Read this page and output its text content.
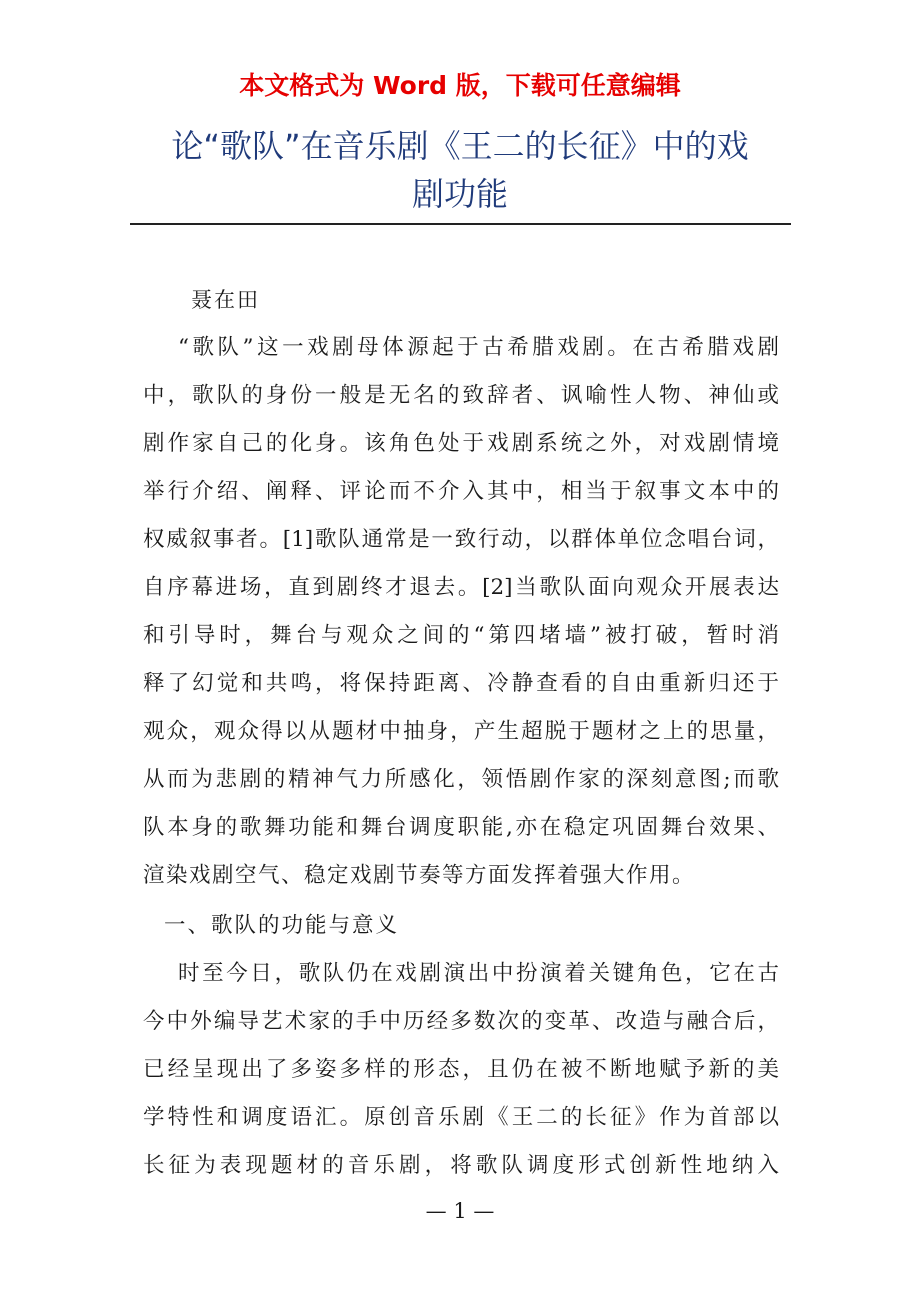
本文格式为 Word 版，下载可任意编辑
论“歌队”在音乐剧《王二的长征》中的戏
剧功能
聂在田
“歌队”这一戏剧母体源起于古希腊戏剧。在古希腊戏剧
中，歌队的身份一般是无名的致辞者、讽喻性人物、神仙或
剧作家自己的化身。该角色处于戏剧系统之外，对戏剧情境
举行介绍、阐释、评论而不介入其中，相当于叙事文本中的
权威叙事者。[1]歌队通常是一致行动，以群体单位念唱台词，
自序幕进场，直到剧终才退去。[2]当歌队面向观众开展表达
和引导时，舞台与观众之间的“第四堵墙”被打破，暂时消
释了幻觉和共鸣，将保持距离、冷静查看的自由重新归还于
观众，观众得以从题材中抽身，产生超脱于题材之上的思量，
从而为悲剧的精神气力所感化，领悟剧作家的深刻意图;而歌
队本身的歌舞功能和舞台调度职能,亦在稳定巩固舞台效果、
渲染戏剧空气、稳定戏剧节奏等方面发挥着强大作用。
一、歌队的功能与意义
时至今日，歌队仍在戏剧演出中扮演着关键角色，它在古
今中外编导艺术家的手中历经多数次的变革、改造与融合后，
已经呈现出了多姿多样的形态，且仍在被不断地赋予新的美
学特性和调度语汇。原创音乐剧《王二的长征》作为首部以
长征为表现题材的音乐剧，将歌队调度形式创新性地纳入
— 1 —
